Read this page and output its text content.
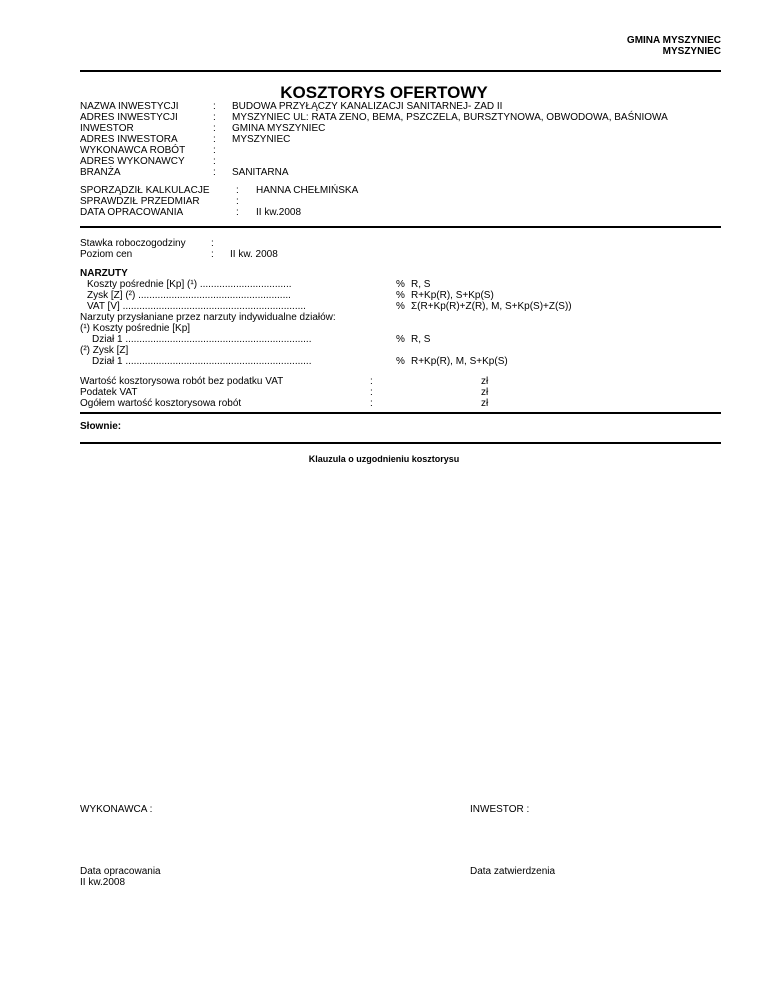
GMINA MYSZYNIEC
MYSZYNIEC
KOSZTORYS OFERTOWY
NAZWA INWESTYCJI	: BUDOWA PRZYŁĄCZY KANALIZACJI SANITARNEJ- ZAD II
ADRES INWESTYCJI	: MYSZYNIEC UL: RATA ZENO, BEMA, PSZCZELA, BURSZTYNOWA, OBWODOWA, BAŚNIOWA
INWESTOR	: GMINA MYSZYNIEC
ADRES INWESTORA	: MYSZYNIEC
WYKONAWCA ROBÓT	:
ADRES WYKONAWCY	:
BRANŻA	: SANITARNA
SPORZĄDZIŁ KALKULACJE	: HANNA CHEŁMIŃSKA
SPRAWDZIŁ PRZEDMIAR	:
DATA OPRACOWANIA	: II kw.2008
Stawka roboczogodziny	:
Poziom cen	: II kw. 2008
NARZUTY
Koszty pośrednie [Kp] (¹) .................................	% R, S
Zysk [Z] (²) .......................................................	% R+Kp(R), S+Kp(S)
VAT [V] ..................................................................	% Σ(R+Kp(R)+Z(R), M, S+Kp(S)+Z(S))
Narzuty przysłaniane przez narzuty indywidualne działów:
(¹) Koszty pośrednie [Kp]
Dział 1 ...................................................................	% R, S
(²) Zysk [Z]
Dział 1 ...................................................................	% R+Kp(R), M, S+Kp(S)
Wartość kosztorysowa robót bez podatku VAT	:	zł
Podatek VAT	:	zł
Ogółem wartość kosztorysowa robót	:	zł
Słownie:
Klauzula o uzgodnieniu kosztorysu
WYKONAWCA :	INWESTOR :
Data opracowania
II kw.2008
Data zatwierdzenia
